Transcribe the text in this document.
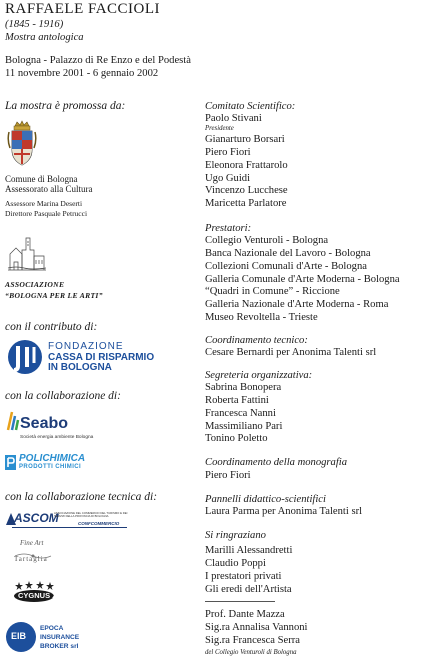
RAFFAELE FACCIOLI
(1845 - 1916)
Mostra antologica
Bologna - Palazzo di Re Enzo e del Podestà
11 novembre 2001 - 6 gennaio 2002
La mostra è promossa da:
Comune di Bologna
Assessorato alla Cultura
Assessore Marina Deserti
Direttore Pasquale Petrucci
ASSOCIAZIONE
“BOLOGNA PER LE ARTI”
con il contributo di:
FONDAZIONE
CASSA DI RISPARMIO
IN BOLOGNA
con la collaborazione di:
Seabo
Società energia ambiente Bologna
POLICHIMICA
PRODOTTI CHIMICI
con la collaborazione tecnica di:
ASCOM
ASSOCIAZIONE DEL COMMERCIO DEL TURISMO E DEI SERVIZI DELLA PROVINCIA DI BOLOGNA
CONFCOMMERCIO
Fine Art
Tartaglia
CYGNUS X
EIB
EPOCA
INSURANCE
BROKER srl
Comitato Scientifico:
Paolo Stivani
Presidente
Gianarturo Borsari
Piero Fiori
Eleonora Frattarolo
Ugo Guidi
Vincenzo Lucchese
Maricetta Parlatore
Prestatori:
Collegio Venturoli - Bologna
Banca Nazionale del Lavoro - Bologna
Collezioni Comunali d'Arte - Bologna
Galleria Comunale d'Arte Moderna - Bologna
“Quadri in Comune” - Riccione
Galleria Nazionale d'Arte Moderna - Roma
Museo Revoltella - Trieste
Coordinamento tecnico:
Cesare Bernardi per Anonima Talenti srl
Segreteria organizzativa:
Sabrina Bonopera
Roberta Fattini
Francesca Nanni
Massimiliano Pari
Tonino Poletto
Coordinamento della monografia
Piero Fiori
Pannelli didattico-scientifici
Laura Parma per Anonima Talenti srl
Si ringraziano
Marilli Alessandretti
Claudio Poppi
I prestatori privati
Gli eredi dell'Artista
Prof. Dante Mazza
Sig.ra Annalisa Vannoni
Sig.ra Francesca Serra
del Collegio Venturoli di Bologna
